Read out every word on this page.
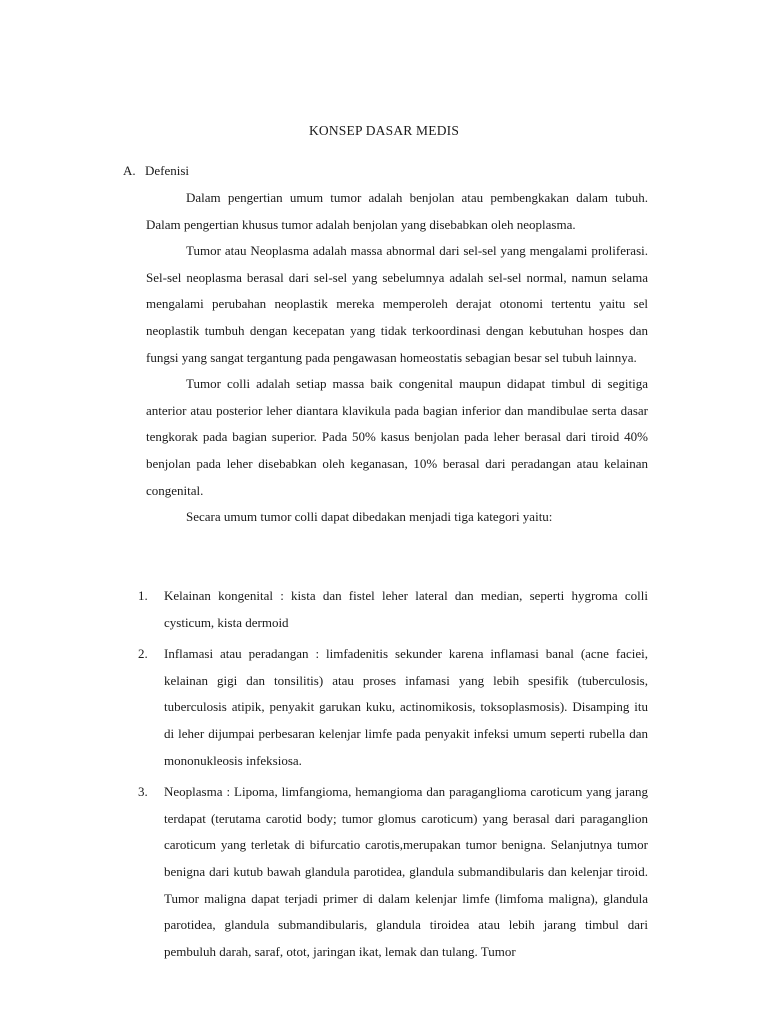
KONSEP DASAR MEDIS
A. Defenisi

Dalam pengertian umum tumor adalah benjolan atau pembengkakan dalam tubuh. Dalam pengertian khusus tumor adalah benjolan yang disebabkan oleh neoplasma.

Tumor atau Neoplasma adalah massa abnormal dari sel-sel yang mengalami proliferasi. Sel-sel neoplasma berasal dari sel-sel yang sebelumnya adalah sel-sel normal, namun selama mengalami perubahan neoplastik mereka memperoleh derajat otonomi tertentu yaitu sel neoplastik tumbuh dengan kecepatan yang tidak terkoordinasi dengan kebutuhan hospes dan fungsi yang sangat tergantung pada pengawasan homeostatis sebagian besar sel tubuh lainnya.

Tumor colli adalah setiap massa baik congenital maupun didapat timbul di segitiga anterior atau posterior leher diantara klavikula pada bagian inferior dan mandibulae serta dasar tengkorak pada bagian superior. Pada 50% kasus benjolan pada leher berasal dari tiroid 40% benjolan pada leher disebabkan oleh keganasan, 10% berasal dari peradangan atau kelainan congenital.

Secara umum tumor colli dapat dibedakan menjadi tiga kategori yaitu:

1.	Kelainan kongenital : kista dan fistel leher lateral dan median, seperti hygroma colli cysticum, kista dermoid
2.	Inflamasi atau peradangan : limfadenitis sekunder karena inflamasi banal (acne faciei, kelainan gigi dan tonsilitis) atau proses infamasi yang lebih spesifik (tuberculosis, tuberculosis atipik, penyakit garukan kuku, actinomikosis, toksoplasmosis). Disamping itu di leher dijumpai perbesaran kelenjar limfe pada penyakit infeksi umum seperti rubella dan mononukleosis infeksiosa.
3.	Neoplasma : Lipoma, limfangioma, hemangioma dan paraganglioma caroticum yang jarang terdapat (terutama carotid body; tumor glomus caroticum) yang berasal dari paraganglion caroticum yang terletak di bifurcatio carotis,merupakan tumor benigna. Selanjutnya tumor benigna dari kutub bawah glandula parotidea, glandula submandibularis dan kelenjar tiroid. Tumor maligna dapat terjadi primer di dalam kelenjar limfe (limfoma maligna), glandula parotidea, glandula submandibularis, glandula tiroidea atau lebih jarang timbul dari pembuluh darah, saraf, otot, jaringan ikat, lemak dan tulang. Tumor
